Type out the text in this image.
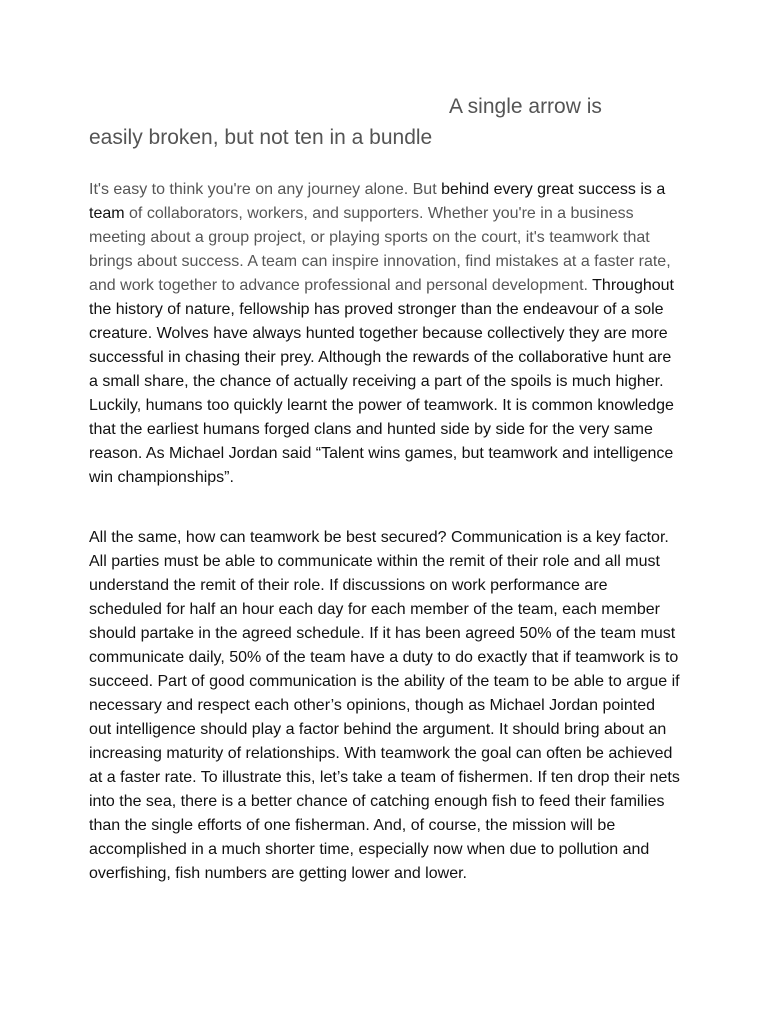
A single arrow is
easily broken, but not ten in a bundle

It's easy to think you're on any journey alone. But behind every great success is a team of collaborators, workers, and supporters. Whether you're in a business meeting about a group project, or playing sports on the court, it's teamwork that brings about success. A team can inspire innovation, find mistakes at a faster rate, and work together to advance professional and personal development. Throughout the history of nature, fellowship has proved stronger than the endeavour of a sole creature. Wolves have always hunted together because collectively they are more successful in chasing their prey. Although the rewards of the collaborative hunt are a small share, the chance of actually receiving a part of the spoils is much higher. Luckily, humans too quickly learnt the power of teamwork. It is common knowledge that the earliest humans forged clans and hunted side by side for the very same reason. As Michael Jordan said “Talent wins games, but teamwork and intelligence win championships”.

All the same, how can teamwork be best secured? Communication is a key factor. All parties must be able to communicate within the remit of their role and all must understand the remit of their role. If discussions on work performance are scheduled for half an hour each day for each member of the team, each member should partake in the agreed schedule. If it has been agreed 50% of the team must communicate daily, 50% of the team have a duty to do exactly that if teamwork is to succeed. Part of good communication is the ability of the team to be able to argue if necessary and respect each other’s opinions, though as Michael Jordan pointed out intelligence should play a factor behind the argument. It should bring about an increasing maturity of relationships. With teamwork the goal can often be achieved at a faster rate. To illustrate this, let’s take a team of fishermen. If ten drop their nets into the sea, there is a better chance of catching enough fish to feed their families than the single efforts of one fisherman. And, of course, the mission will be accomplished in a much shorter time, especially now when due to pollution and overfishing, fish numbers are getting lower and lower.
